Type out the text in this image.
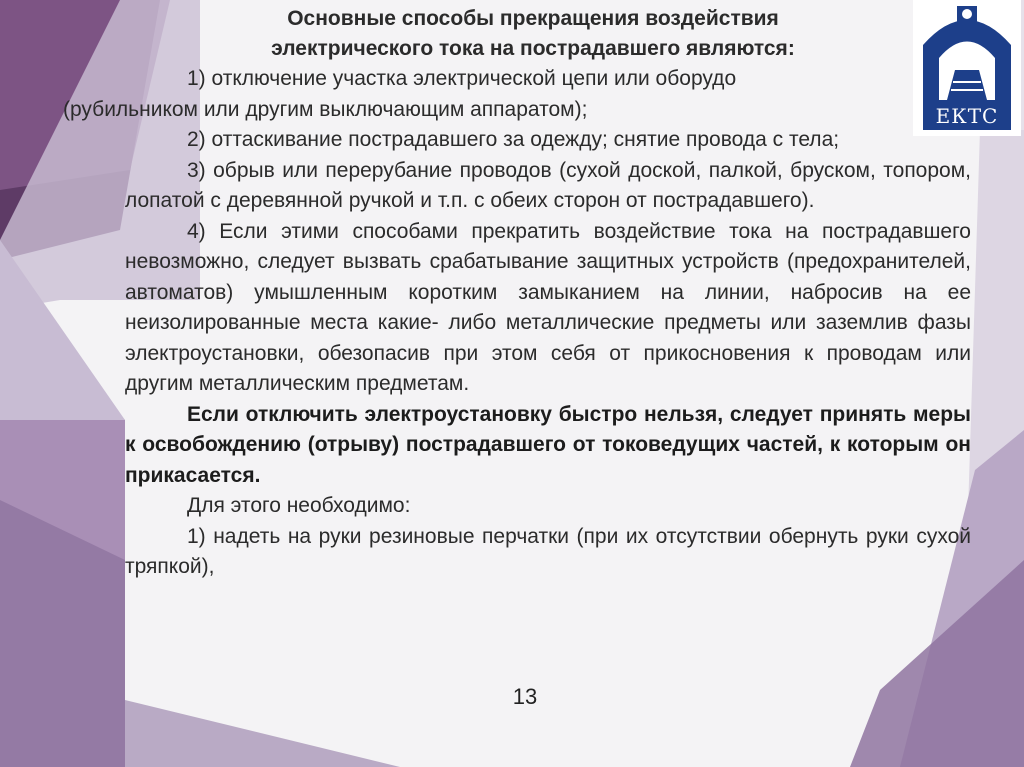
ЕКТС

Основные способы прекращения воздействия
электрического тока на пострадавшего являются:

1) отключение участка электрической цепи или оборудо
(рубильником или другим выключающим аппаратом);

2) оттаскивание пострадавшего за одежду; снятие провода с тела;

3) обрыв или перерубание проводов (сухой доской, палкой, бруском, топором, лопатой с деревянной ручкой и т.п. с обеих сторон от пострадавшего).

4) Если этими способами прекратить воздействие тока на пострадавшего невозможно, следует вызвать срабатывание защитных устройств (предохранителей, автоматов) умышленным коротким замыканием на линии, набросив на ее неизолированные места какие- либо металлические предметы или заземлив фазы электроустановки, обезопасив при этом себя от прикосновения к проводам или другим металлическим предметам.

Если отключить электроустановку быстро нельзя, следует принять меры к освобождению (отрыву) пострадавшего от токоведущих частей, к которым он прикасается.

Для этого необходимо:

1) надеть на руки резиновые перчатки (при их отсутствии обернуть руки сухой тряпкой),

13
